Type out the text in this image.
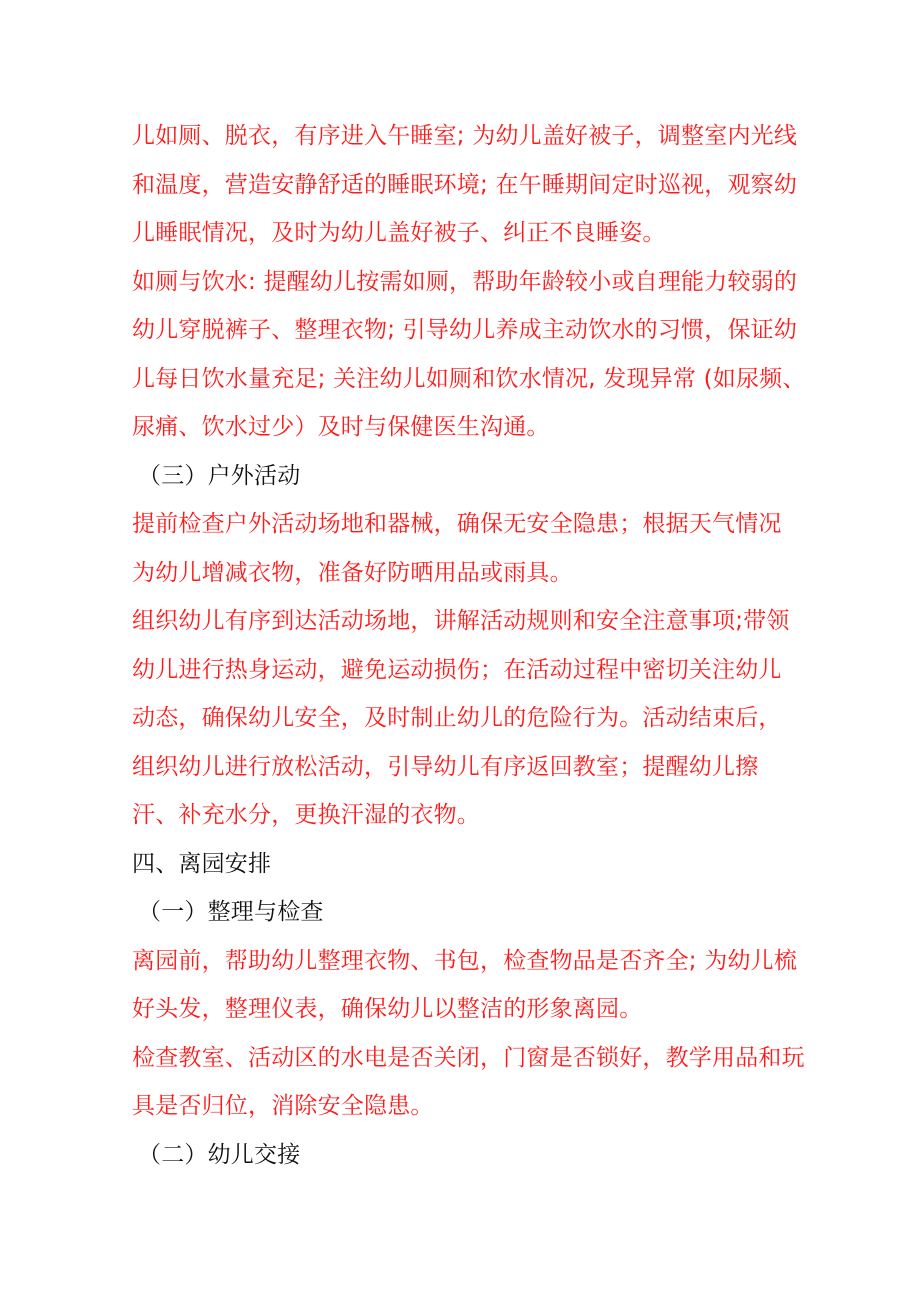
儿如厕、脱衣，有序进入午睡室; 为幼儿盖好被子，调整室内光线
和温度，营造安静舒适的睡眠环境; 在午睡期间定时巡视，观察幼
儿睡眠情况，及时为幼儿盖好被子、纠正不良睡姿。
如厕与饮水: 提醒幼儿按需如厕，帮助年龄较小或自理能力较弱的
幼儿穿脱裤子、整理衣物; 引导幼儿养成主动饮水的习惯，保证幼
儿每日饮水量充足; 关注幼儿如厕和饮水情况, 发现异常 (如尿频、
尿痛、饮水过少）及时与保健医生沟通。
（三）户外活动
提前检查户外活动场地和器械，确保无安全隐患；根据天气情况
为幼儿增减衣物，准备好防晒用品或雨具。
组织幼儿有序到达活动场地，讲解活动规则和安全注意事项;带领
幼儿进行热身运动，避免运动损伤；在活动过程中密切关注幼儿
动态，确保幼儿安全，及时制止幼儿的危险行为。活动结束后，
组织幼儿进行放松活动，引导幼儿有序返回教室；提醒幼儿擦
汗、补充水分，更换汗湿的衣物。
四、离园安排
（一）整理与检查
离园前，帮助幼儿整理衣物、书包，检查物品是否齐全; 为幼儿梳
好头发，整理仪表，确保幼儿以整洁的形象离园。
检查教室、活动区的水电是否关闭，门窗是否锁好，教学用品和玩
具是否归位，消除安全隐患。
（二）幼儿交接
